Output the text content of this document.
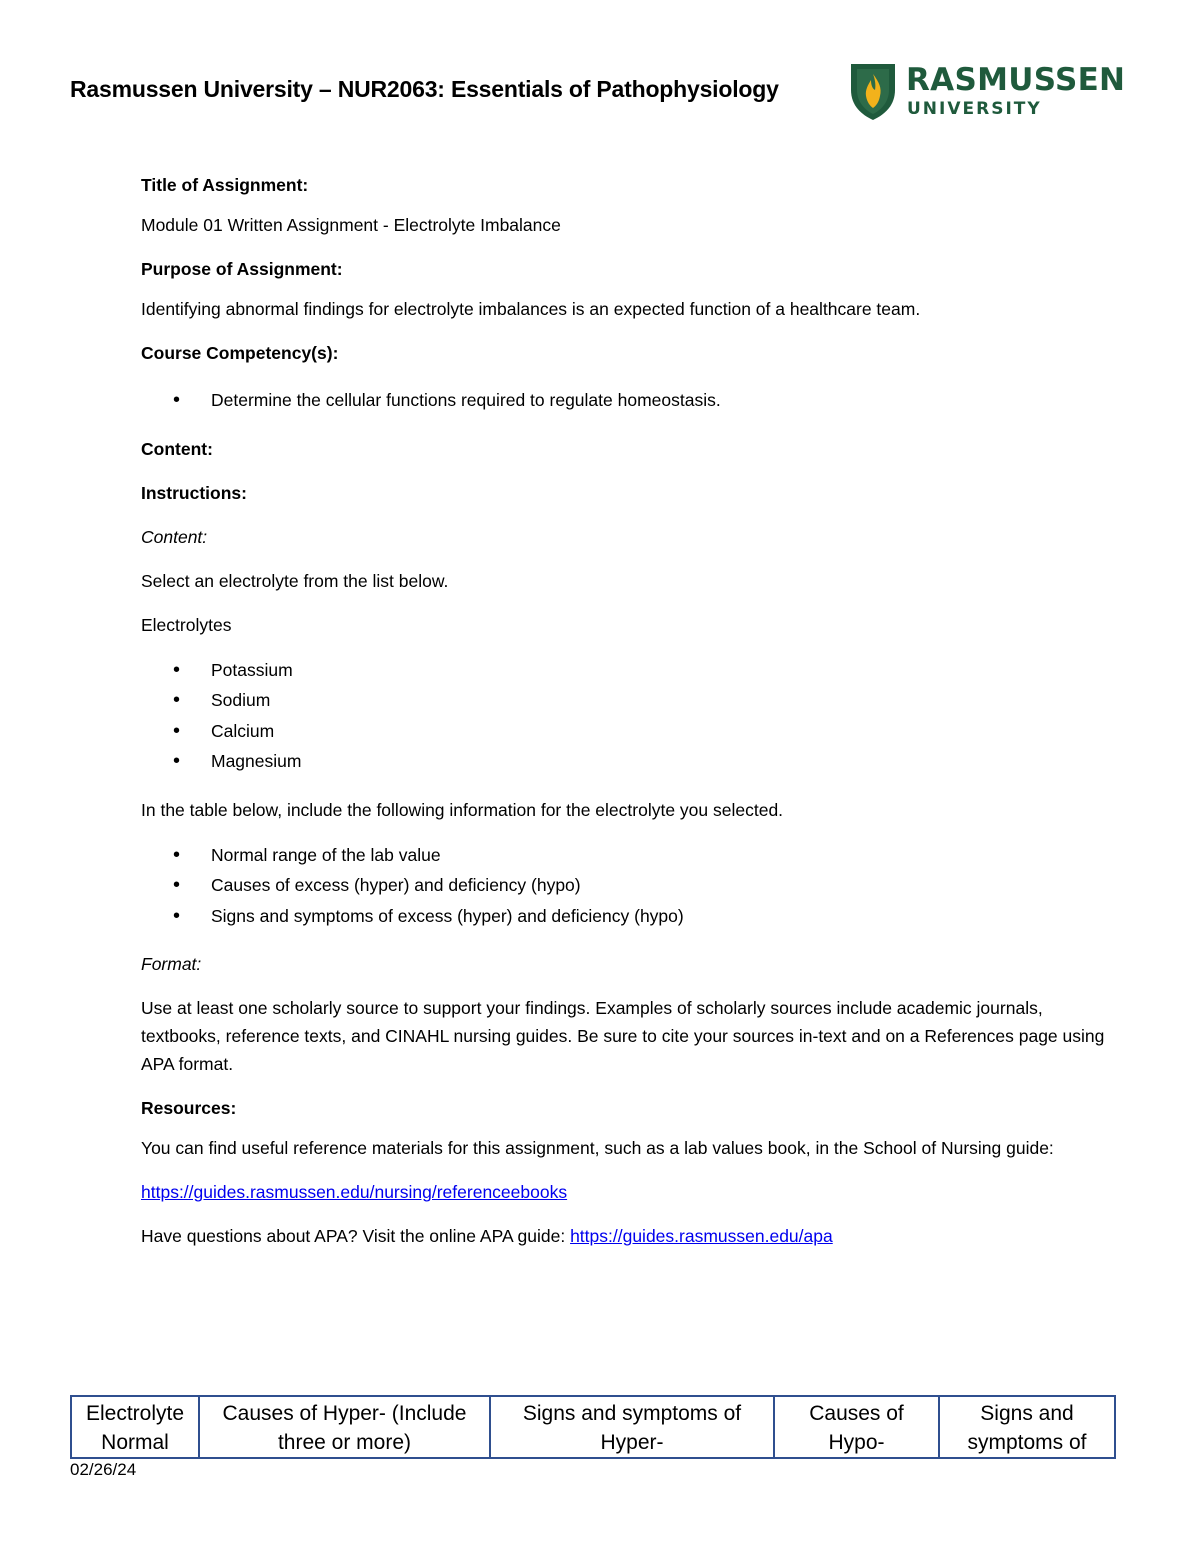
Rasmussen University – NUR2063: Essentials of Pathophysiology	RASMUSSEN
UNIVERSITY
Title of Assignment:

Module 01 Written Assignment - Electrolyte Imbalance

Purpose of Assignment:

Identifying abnormal findings for electrolyte imbalances is an expected function of a healthcare team.

Course Competency(s):
• Determine the cellular functions required to regulate homeostasis.
Content:
Instructions:

Content:

Select an electrolyte from the list below.

Electrolytes

• Potassium
• Sodium
• Calcium
• Magnesium

In the table below, include the following information for the electrolyte you selected.

• Normal range of the lab value
• Causes of excess (hyper) and deficiency (hypo)
• Signs and symptoms of excess (hyper) and deficiency (hypo)

Format:

Use at least one scholarly source to support your findings. Examples of scholarly sources include academic journals, textbooks, reference texts, and CINAHL nursing guides. Be sure to cite your sources in-text and on a References page using APA format.

Resources:

You can find useful reference materials for this assignment, such as a lab values book, in the School of Nursing guide:

https://guides.rasmussen.edu/nursing/referenceebooks

Have questions about APA? Visit the online APA guide: https://guides.rasmussen.edu/apa

Electrolyte Normal	Causes of Hyper- (Include three or more)	Signs and symptoms of Hyper-	Causes of Hypo-	Signs and symptoms of
02/26/24
